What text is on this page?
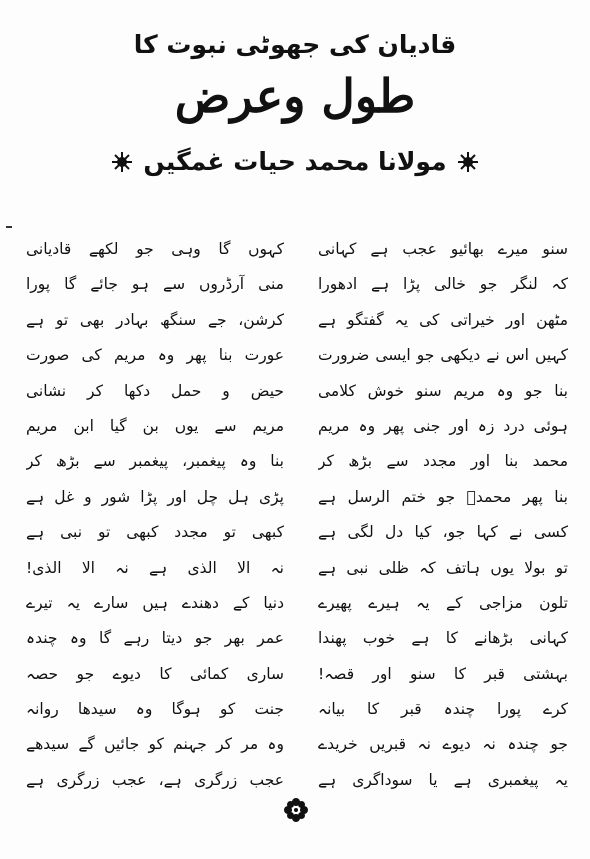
قادیان کی جھوٹی نبوت کا
طول وعرض
مولانا محمد حیات غمگیں
سنو میرے بھائیو عجب ہے کہانی
کہ لنگر جو خالی پڑا ہے ادھورا
مٹھن اور خیراتی کی یہ گفتگو ہے
کہیں اس نے دیکھی جو ایسی ضرورت
بنا جو وہ مریم سنو خوش کلامی
ہوئی درد زہ اور جنی پھر وہ مریم
محمد بنا اور مجدد سے بڑھ کر
بنا پھر محمدؐ جو ختم الرسل ہے
کسی نے کہا جو، کیا دل لگی ہے
تو بولا یوں ہاتف کہ ظلی نبی ہے
تلون مزاجی کے یہ ہیرے پھیرے
کہانی بڑھانے کا ہے خوب پھندا
بہشتی قبر کا سنو اور قصہ!
کرے پورا چندہ قبر کا بیانہ
جو چندہ نہ دیوے نہ قبریں خریدے
یہ پیغمبری ہے یا سوداگری ہے
کہوں گا وہی جو لکھے قادیانی
منی آرڈروں سے ہو جائے گا پورا
کرشن، جے سنگھ بہادر بھی تو ہے
عورت بنا پھر وہ مریم کی صورت
حیض و حمل دکھا کر نشانی
مریم سے یوں بن گیا ابن مریم
بنا وہ پیغمبر، پیغمبر سے بڑھ کر
پڑی ہل چل اور پڑا شور و غل ہے
کبھی تو مجدد کبھی تو نبی ہے
نہ الا الذی ہے نہ الا الذی!
دنیا کے دھندے ہیں سارے یہ تیرے
عمر بھر جو دیتا رہے گا وہ چندہ
ساری کمائی کا دیوے جو حصہ
جنت کو ہوگا وہ سیدھا روانہ
وہ مر کر جہنم کو جائیں گے سیدھے
عجب زرگری ہے، عجب زرگری ہے
